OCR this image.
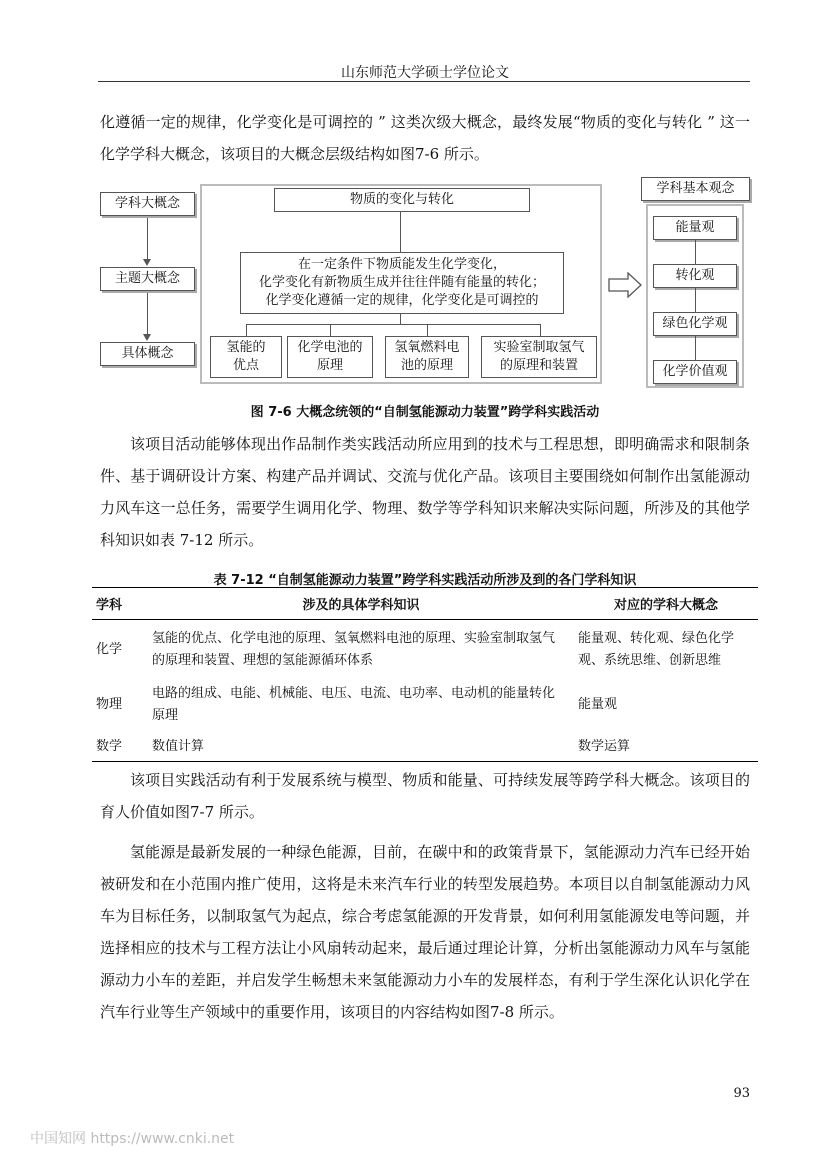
山东师范大学硕士学位论文

化遵循一定的规律，化学变化是可调控的 ” 这类次级大概念，最终发展“物质的变化与转化 ” 这一化学学科大概念，该项目的大概念层级结构如图7-6 所示。

学科大概念
主题大概念
具体概念
物质的变化与转化
在一定条件下物质能发生化学变化，
化学变化有新物质生成并往往伴随有能量的转化；
化学变化遵循一定的规律，化学变化是可调控的
氢能的
优点
化学电池的
原理
氢氧燃料电
池的原理
实验室制取氢气
的原理和装置
学科基本观念
能量观
转化观
绿色化学观
化学价值观
图 7-6 大概念统领的“自制氢能源动力装置”跨学科实践活动

该项目活动能够体现出作品制作类实践活动所应用到的技术与工程思想，即明确需求和限制条件、基于调研设计方案、构建产品并调试、交流与优化产品。该项目主要围绕如何制作出氢能源动力风车这一总任务，需要学生调用化学、物理、数学等学科知识来解决实际问题，所涉及的其他学科知识如表 7-12 所示。

表 7-12 “自制氢能源动力装置”跨学科实践活动所涉及到的各门学科知识
学科	涉及的具体学科知识	对应的学科大概念
化学	氢能的优点、化学电池的原理、氢氧燃料电池的原理、实验室制取氢气的原理和装置、理想的氢能源循环体系	能量观、转化观、绿色化学观、系统思维、创新思维
物理	电路的组成、电能、机械能、电压、电流、电功率、电动机的能量转化原理	能量观
数学	数值计算	数学运算

该项目实践活动有利于发展系统与模型、物质和能量、可持续发展等跨学科大概念。该项目的育人价值如图7-7 所示。

氢能源是最新发展的一种绿色能源，目前，在碳中和的政策背景下，氢能源动力汽车已经开始被研发和在小范围内推广使用，这将是未来汽车行业的转型发展趋势。本项目以自制氢能源动力风车为目标任务，以制取氢气为起点，综合考虑氢能源的开发背景，如何利用氢能源发电等问题，并选择相应的技术与工程方法让小风扇转动起来，最后通过理论计算，分析出氢能源动力风车与氢能源动力小车的差距，并启发学生畅想未来氢能源动力小车的发展样态，有利于学生深化认识化学在汽车行业等生产领域中的重要作用，该项目的内容结构如图7-8 所示。

93
中国知网 https://www.cnki.net
